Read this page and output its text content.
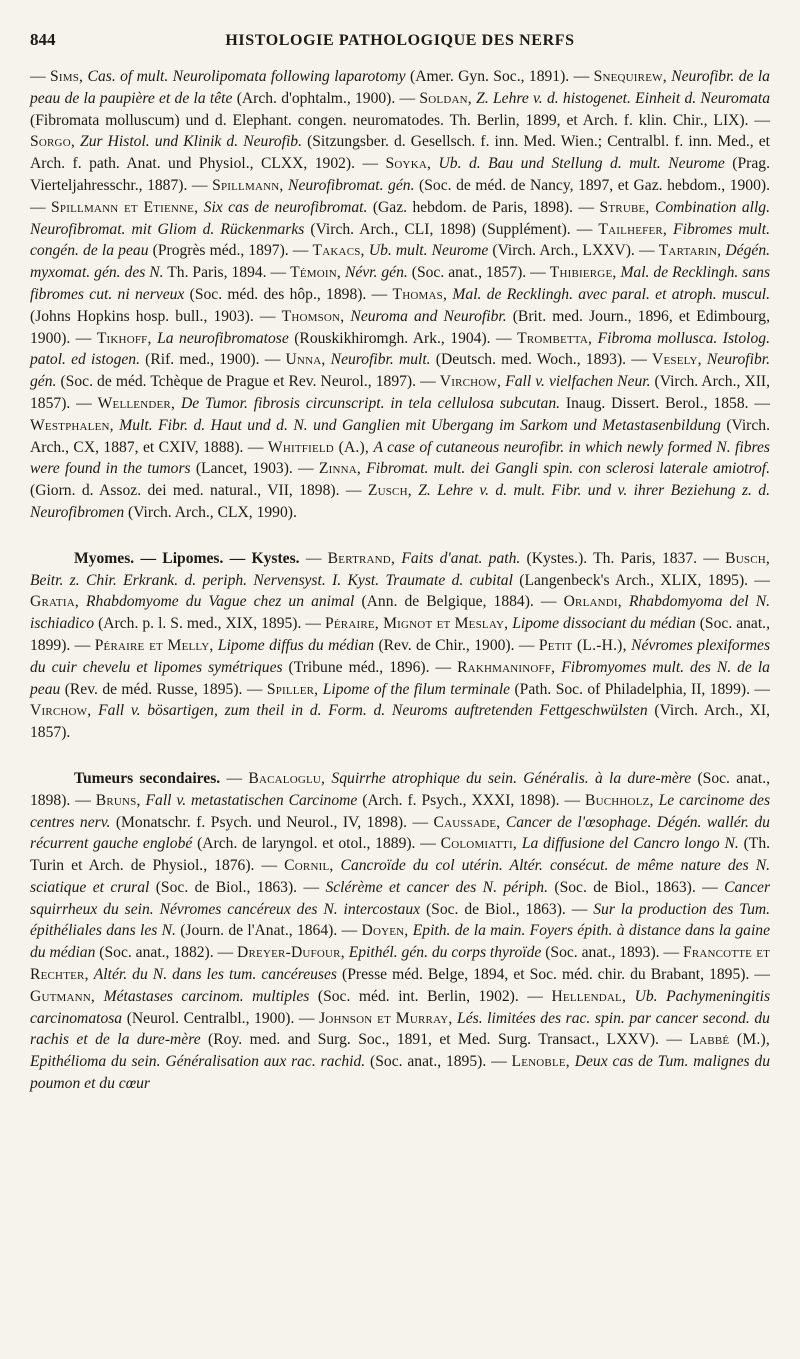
844	HISTOLOGIE PATHOLOGIQUE DES NERFS

— Sims, Cas. of mult. Neurolipomata following laparotomy (Amer. Gyn. Soc., 1891). — Snequirew, Neurofibr. de la peau de la paupière et de la tête (Arch. d'ophtalm., 1900). — Soldan, Z. Lehre v. d. histogenet. Einheit d. Neuromata (Fibromata molluscum) und d. Elephant. congen. neuromatodes. Th. Berlin, 1899, et Arch. f. klin. Chir., LIX). — Sorgo, Zur Histol. und Klinik d. Neurofib. (Sitzungsber. d. Gesellsch. f. inn. Med. Wien.; Centralbl. f. inn. Med., et Arch. f. path. Anat. und Physiol., CLXX, 1902). — Soyka, Ub. d. Bau und Stellung d. mult. Neurome (Prag. Vierteljahresschr., 1887). — Spillmann, Neurofibromat. gén. (Soc. de méd. de Nancy, 1897, et Gaz. hebdom., 1900). — Spillmann et Etienne, Six cas de neurofibromat. (Gaz. hebdom. de Paris, 1898). — Strube, Combination allg. Neurofibromat. mit Gliom d. Rückenmarks (Virch. Arch., CLI, 1898) (Supplément). — Tailhefer, Fibromes mult. congén. de la peau (Progrès méd., 1897). — Takacs, Ub. mult. Neurome (Virch. Arch., LXXV). — Tartarin, Dégén. myxomat. gén. des N. Th. Paris, 1894. — Témoin, Névr. gén. (Soc. anat., 1857). — Thibierge, Mal. de Recklingh. sans fibromes cut. ni nerveux (Soc. méd. des hôp., 1898). — Thomas, Mal. de Recklingh. avec paral. et atroph. muscul. (Johns Hopkins hosp. bull., 1903). — Thomson, Neuroma and Neurofibr. (Brit. med. Journ., 1896, et Edimbourg, 1900). — Tikhoff, La neurofibromatose (Rouskikhiromgh. Ark., 1904). — Trombetta, Fibroma mollusca. Istolog. patol. ed istogen. (Rif. med., 1900). — Unna, Neurofibr. mult. (Deutsch. med. Woch., 1893). — Vesely, Neurofibr. gén. (Soc. de méd. Tchèque de Prague et Rev. Neurol., 1897). — Virchow, Fall v. vielfachen Neur. (Virch. Arch., XII, 1857). — Wellender, De Tumor. fibrosis circunscript. in tela cellulosa subcutan. Inaug. Dissert. Berol., 1858. — Westphalen, Mult. Fibr. d. Haut und d. N. und Ganglien mit Ubergang im Sarkom und Metastasenbildung (Virch. Arch., CX, 1887, et CXIV, 1888). — Whitfield (A.), A case of cutaneous neurofibr. in which newly formed N. fibres were found in the tumors (Lancet, 1903). — Zinna, Fibromat. mult. dei Gangli spin. con sclerosi laterale amiotrof. (Giorn. d. Assoz. dei med. natural., VII, 1898). — Zusch, Z. Lehre v. d. mult. Fibr. und v. ihrer Beziehung z. d. Neurofibromen (Virch. Arch., CLX, 1990).

Myomes. — Lipomes. — Kystes. — Bertrand, Faits d'anat. path. (Kystes.). Th. Paris, 1837. — Busch, Beitr. z. Chir. Erkrank. d. periph. Nervensyst. I. Kyst. Traumate d. cubital (Langenbeck's Arch., XLIX, 1895). — Gratia, Rhabdomyome du Vague chez un animal (Ann. de Belgique, 1884). — Orlandi, Rhabdomyoma del N. ischiadico (Arch. p. l. S. med., XIX, 1895). — Péraire, Mignot et Meslay, Lipome dissociant du médian (Soc. anat., 1899). — Péraire et Melly, Lipome diffus du médian (Rev. de Chir., 1900). — Petit (L.-H.), Névromes plexiformes du cuir chevelu et lipomes symétriques (Tribune méd., 1896). — Rakhmaninoff, Fibromyomes mult. des N. de la peau (Rev. de méd. Russe, 1895). — Spiller, Lipome of the filum terminale (Path. Soc. of Philadelphia, II, 1899). — Virchow, Fall v. bösartigen, zum theil in d. Form. d. Neuroms auftretenden Fettgeschwülsten (Virch. Arch., XI, 1857).

Tumeurs secondaires. — Bacaloglu, Squirrhe atrophique du sein. Généralis. à la dure-mère (Soc. anat., 1898). — Bruns, Fall v. metastatischen Carcinome (Arch. f. Psych., XXXI, 1898). — Buchholz, Le carcinome des centres nerv. (Monatschr. f. Psych. und Neurol., IV, 1898). — Caussade, Cancer de l'œsophage. Dégén. wallér. du récurrent gauche englobé (Arch. de laryngol. et otol., 1889). — Colomiatti, La diffusione del Cancro longo N. (Th. Turin et Arch. de Physiol., 1876). — Cornil, Cancroïde du col utérin. Altér. consécut. de même nature des N. sciatique et crural (Soc. de Biol., 1863). — Sclérème et cancer des N. périph. (Soc. de Biol., 1863). — Cancer squirrheux du sein. Névromes cancéreux des N. intercostaux (Soc. de Biol., 1863). — Sur la production des Tum. épithéliales dans les N. (Journ. de l'Anat., 1864). — Doyen, Epith. de la main. Foyers épith. à distance dans la gaine du médian (Soc. anat., 1882). — Dreyer-Dufour, Epithél. gén. du corps thyroïde (Soc. anat., 1893). — Francotte et Rechter, Altér. du N. dans les tum. cancéreuses (Presse méd. Belge, 1894, et Soc. méd. chir. du Brabant, 1895). — Gutmann, Métastases carcinom. multiples (Soc. méd. int. Berlin, 1902). — Hellendal, Ub. Pachymeningitis carcinomatosa (Neurol. Centralbl., 1900). — Johnson et Murray, Lés. limitées des rac. spin. par cancer second. du rachis et de la dure-mère (Roy. med. and Surg. Soc., 1891, et Med. Surg. Transact., LXXV). — Labbé (M.), Epithélioma du sein. Généralisation aux rac. rachid. (Soc. anat., 1895). — Lenoble, Deux cas de Tum. malignes du poumon et du cœur
